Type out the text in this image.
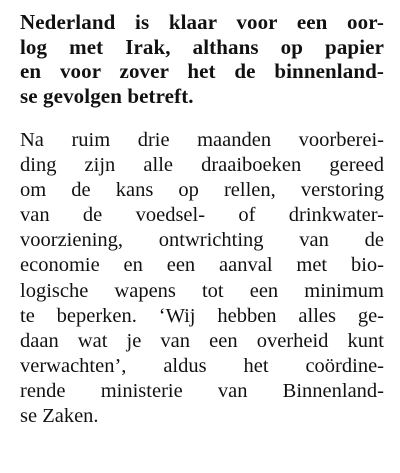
Nederland is klaar voor een oor-
log met Irak, althans op papier
en voor zover het de binnenland-
se gevolgen betreft.
Na ruim drie maanden voorberei-
ding zijn alle draaiboeken gereed
om de kans op rellen, verstoring
van de voedsel- of drinkwater-
voorziening, ontwrichting van de
economie en een aanval met bio-
logische wapens tot een minimum
te beperken. ‘Wij hebben alles ge-
daan wat je van een overheid kunt
verwachten’, aldus het coördine-
rende ministerie van Binnenland-
se Zaken.
